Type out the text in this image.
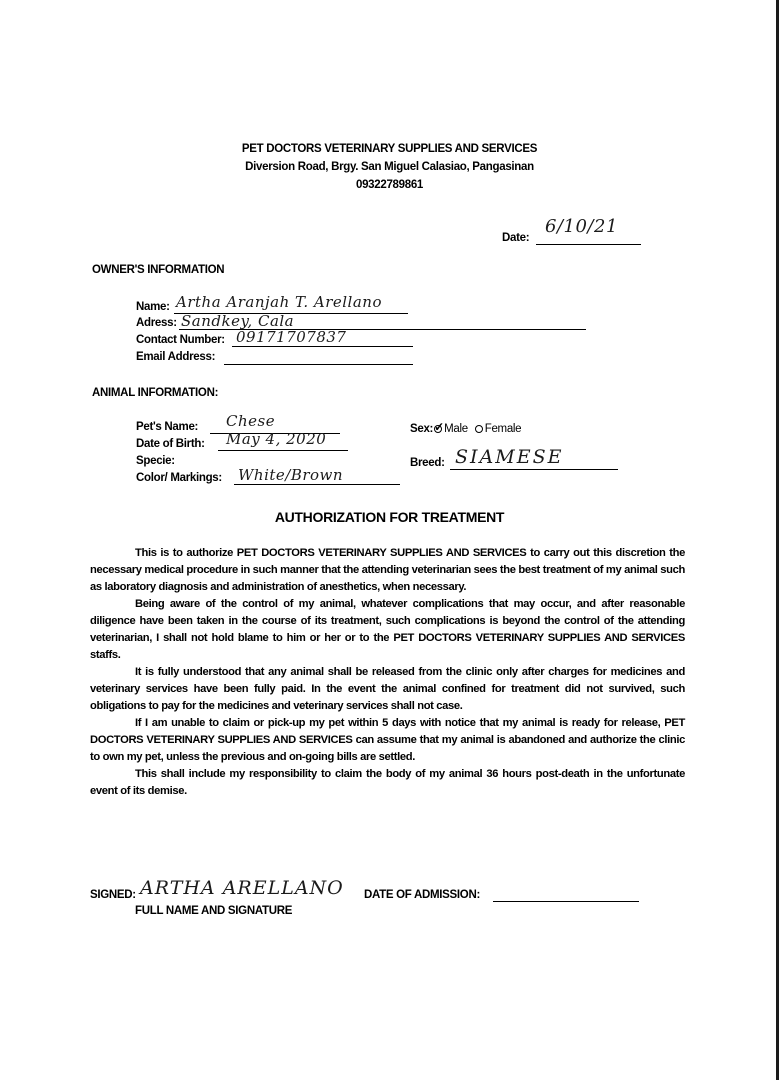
PET DOCTORS VETERINARY SUPPLIES AND SERVICES
Diversion Road, Brgy. San Miguel Calasiao, Pangasinan
09322789861
Date:
6/10/21
OWNER'S INFORMATION
Name: Artha Aranjah T. Arellano
Adress: Sandkey, Cala
Contact Number: 09171707837
Email Address:
ANIMAL INFORMATION:
Pet's Name: Chese
Date of Birth: May 4, 2020
Specie:
Color/ Markings: White/Brown
Sex: ✓ Male Female
Breed: SIAMESE
AUTHORIZATION FOR TREATMENT

This is to authorize PET DOCTORS VETERINARY SUPPLIES AND SERVICES to carry out this discretion the necessary medical procedure in such manner that the attending veterinarian sees the best treatment of my animal such as laboratory diagnosis and administration of anesthetics, when necessary.

Being aware of the control of my animal, whatever complications that may occur, and after reasonable diligence have been taken in the course of its treatment, such complications is beyond the control of the attending veterinarian, I shall not hold blame to him or her or to the PET DOCTORS VETERINARY SUPPLIES AND SERVICES staffs.

It is fully understood that any animal shall be released from the clinic only after charges for medicines and veterinary services have been fully paid. In the event the animal confined for treatment did not survived, such obligations to pay for the medicines and veterinary services shall not case.

If I am unable to claim or pick-up my pet within 5 days with notice that my animal is ready for release, PET DOCTORS VETERINARY SUPPLIES AND SERVICES can assume that my animal is abandoned and authorize the clinic to own my pet, unless the previous and on-going bills are settled.

This shall include my responsibility to claim the body of my animal 36 hours post-death in the unfortunate event of its demise.

SIGNED: ARTHA ARELLANO
FULL NAME AND SIGNATURE
DATE OF ADMISSION:
